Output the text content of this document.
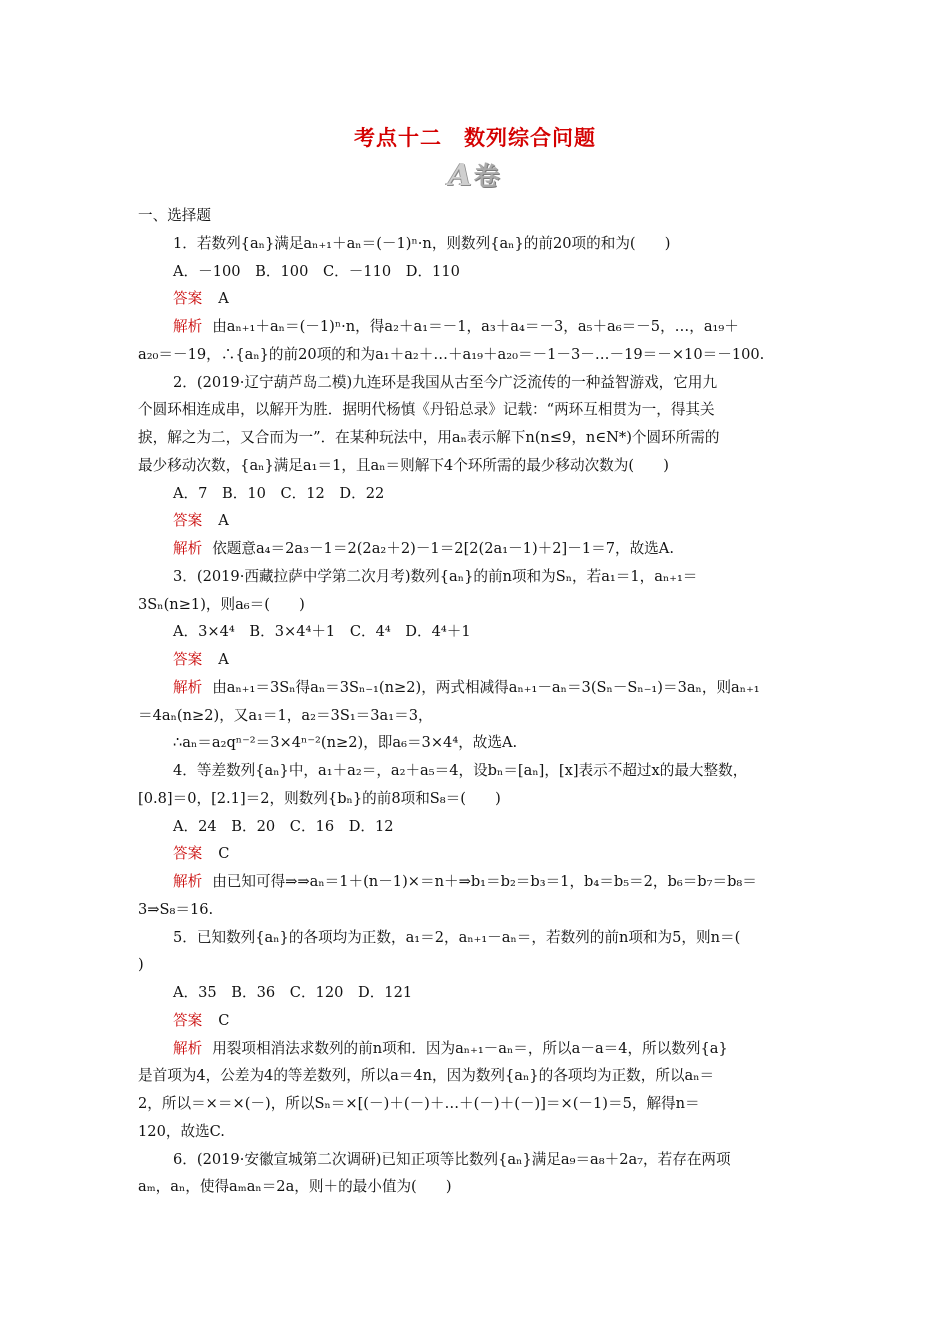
考点十二 数列综合问题
A卷
一、选择题
1．若数列{aₙ}满足aₙ₊₁＋aₙ＝(－1)ⁿ·n，则数列{aₙ}的前20项的和为(　　)
A．－100　B．100　C．－110　D．110
答案 A
解析 由aₙ₊₁＋aₙ＝(－1)ⁿ·n，得a₂＋a₁＝－1，a₃＋a₄＝－3，a₅＋a₆＝－5，…，a₁₉＋
a₂₀＝－19，∴{aₙ}的前20项的和为a₁＋a₂＋…＋a₁₉＋a₂₀＝－1－3－…－19＝－×10＝－100.
2．(2019·辽宁葫芦岛二模)九连环是我国从古至今广泛流传的一种益智游戏，它用九
个圆环相连成串，以解开为胜．据明代杨慎《丹铅总录》记载：“两环互相贯为一，得其关
捩，解之为二，又合而为一”．在某种玩法中，用aₙ表示解下n(n≤9，n∈N*)个圆环所需的
最少移动次数，{aₙ}满足a₁＝1，且aₙ＝则解下4个环所需的最少移动次数为(　　)
A．7　B．10　C．12　D．22
答案 A
解析 依题意a₄＝2a₃－1＝2(2a₂＋2)－1＝2[2(2a₁－1)＋2]－1＝7，故选A.
3．(2019·西藏拉萨中学第二次月考)数列{aₙ}的前n项和为Sₙ，若a₁＝1，aₙ₊₁＝
3Sₙ(n≥1)，则a₆＝(　　)
A．3×4⁴　B．3×4⁴＋1　C．4⁴　D．4⁴＋1
答案 A
解析 由aₙ₊₁＝3Sₙ得aₙ＝3Sₙ₋₁(n≥2)，两式相减得aₙ₊₁－aₙ＝3(Sₙ－Sₙ₋₁)＝3aₙ，则aₙ₊₁
＝4aₙ(n≥2)，又a₁＝1，a₂＝3S₁＝3a₁＝3，
∴aₙ＝a₂qⁿ⁻²＝3×4ⁿ⁻²(n≥2)，即a₆＝3×4⁴，故选A.
4．等差数列{aₙ}中，a₁＋a₂＝，a₂＋a₅＝4，设bₙ＝[aₙ]，[x]表示不超过x的最大整数，
[0.8]＝0，[2.1]＝2，则数列{bₙ}的前8项和S₈＝(　　)
A．24　B．20　C．16　D．12
答案 C
解析 由已知可得⇒⇒aₙ＝1＋(n－1)×＝n＋⇒b₁＝b₂＝b₃＝1，b₄＝b₅＝2，b₆＝b₇＝b₈＝
3⇒S₈＝16.
5．已知数列{aₙ}的各项均为正数，a₁＝2，aₙ₊₁－aₙ＝，若数列的前n项和为5，则n＝(
)
A．35　B．36　C．120　D．121
答案 C
解析 用裂项相消法求数列的前n项和．因为aₙ₊₁－aₙ＝，所以a－a＝4，所以数列{a}
是首项为4，公差为4的等差数列，所以a＝4n，因为数列{aₙ}的各项均为正数，所以aₙ＝
2，所以＝×＝×(－)，所以Sₙ＝×[(－)＋(－)＋…＋(－)＋(－)]＝×(－1)＝5，解得n＝
120，故选C.
6．(2019·安徽宣城第二次调研)已知正项等比数列{aₙ}满足a₉＝a₈＋2a₇，若存在两项
aₘ，aₙ，使得aₘaₙ＝2a，则＋的最小值为(　　)
